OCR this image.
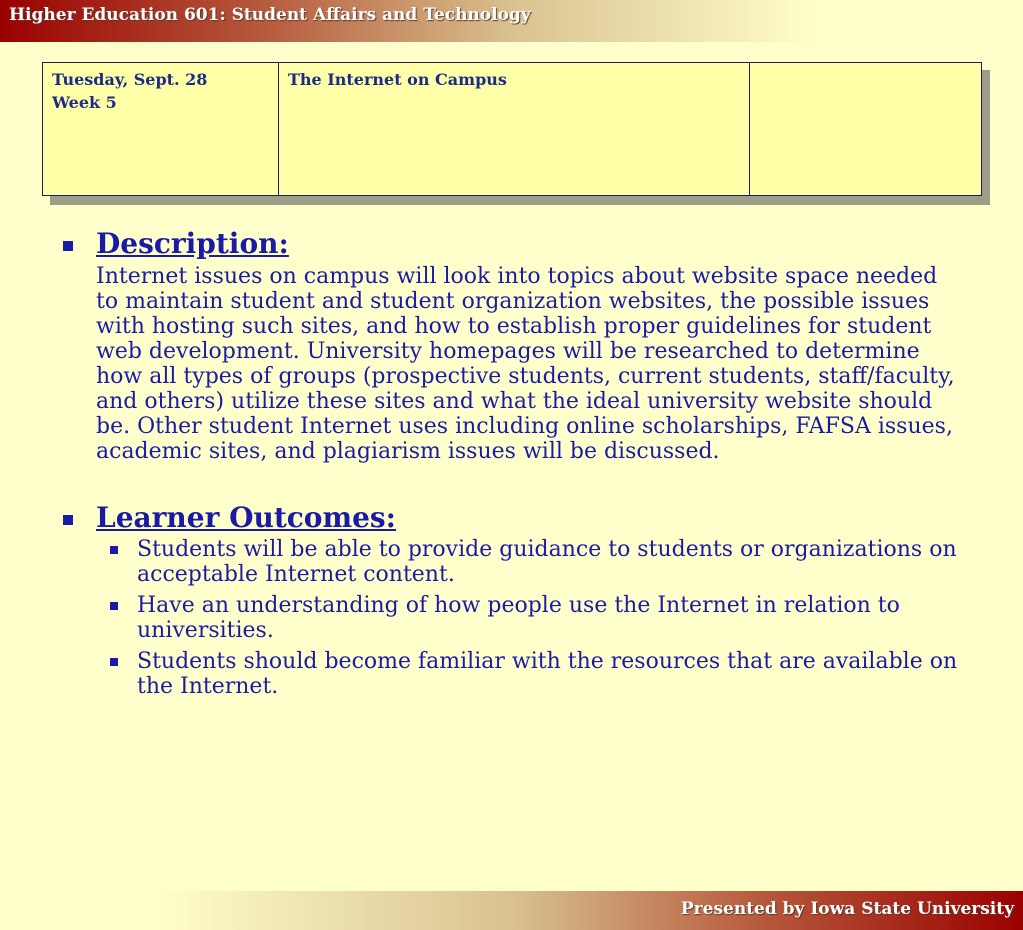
Higher Education 601: Student Affairs and Technology
Tuesday, Sept. 28
Week 5

The Internet on Campus

Description:

Internet issues on campus will look into topics about website space needed to maintain student and student organization websites, the possible issues with hosting such sites, and how to establish proper guidelines for student web development. University homepages will be researched to determine how all types of groups (prospective students, current students, staff/faculty, and others) utilize these sites and what the ideal university website should be. Other student Internet uses including online scholarships, FAFSA issues, academic sites, and plagiarism issues will be discussed.

Learner Outcomes:
Students will be able to provide guidance to students or organizations on acceptable Internet content.
Have an understanding of how people use the Internet in relation to universities.
Students should become familiar with the resources that are available on the Internet.
Presented by Iowa State University
